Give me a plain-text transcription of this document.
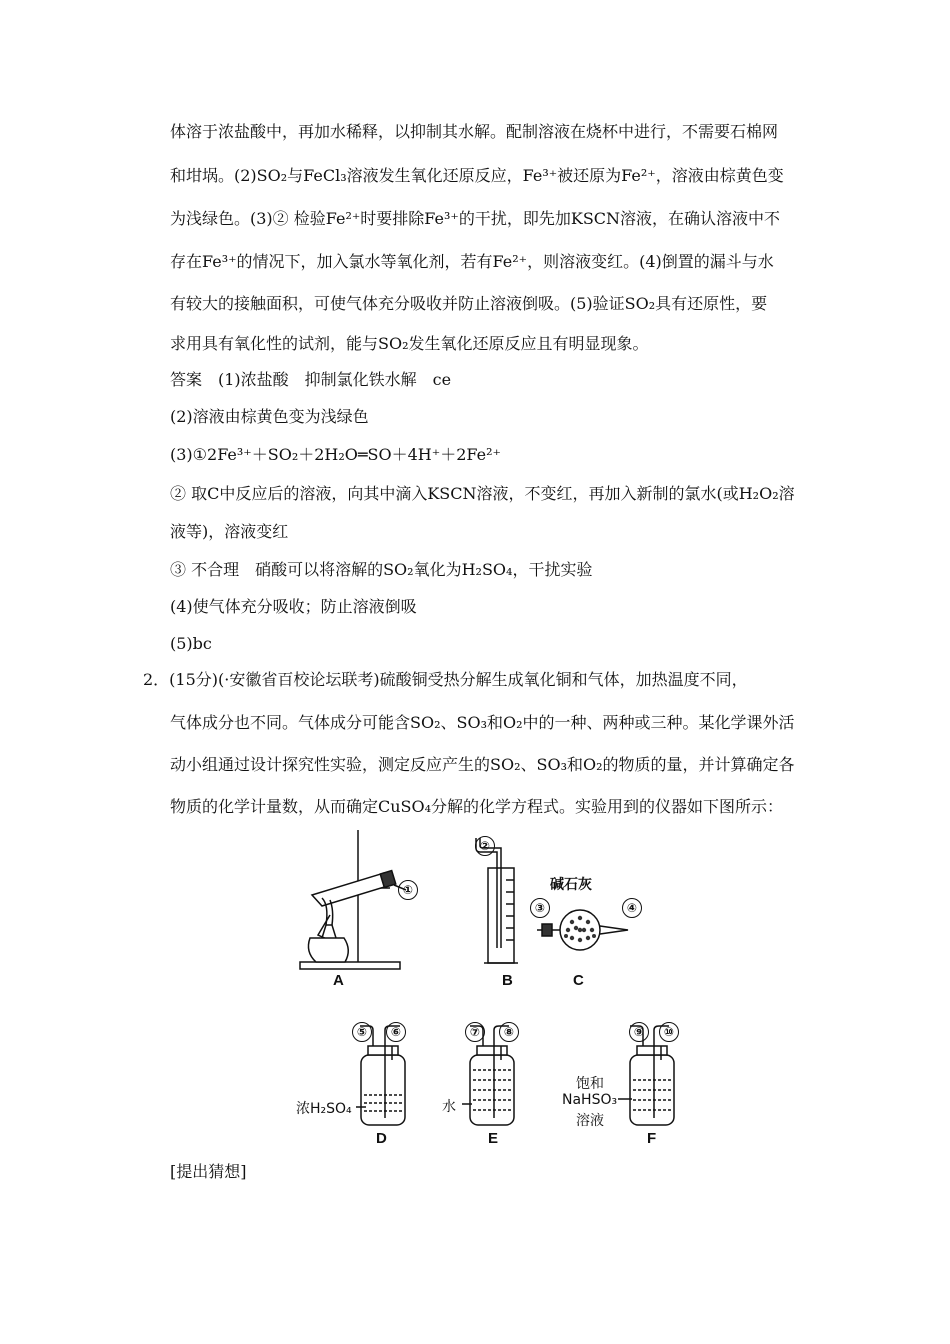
体溶于浓盐酸中，再加水稀释，以抑制其水解。配制溶液在烧杯中进行，不需要石棉网
和坩埚。(2)SO₂与FeCl₃溶液发生氧化还原反应，Fe³⁺被还原为Fe²⁺，溶液由棕黄色变
为浅绿色。(3)② 检验Fe²⁺时要排除Fe³⁺的干扰，即先加KSCN溶液，在确认溶液中不
存在Fe³⁺的情况下，加入氯水等氧化剂，若有Fe²⁺，则溶液变红。(4)倒置的漏斗与水
有较大的接触面积，可使气体充分吸收并防止溶液倒吸。(5)验证SO₂具有还原性，要
求用具有氧化性的试剂，能与SO₂发生氧化还原反应且有明显现象。
答案　(1)浓盐酸　抑制氯化铁水解　ce
(2)溶液由棕黄色变为浅绿色
(3)①2Fe³⁺＋SO₂＋2H₂O═SO＋4H⁺＋2Fe²⁺
② 取C中反应后的溶液，向其中滴入KSCN溶液，不变红，再加入新制的氯水(或H₂O₂溶
液等)，溶液变红
③ 不合理　硝酸可以将溶解的SO₂氧化为H₂SO₄，干扰实验
(4)使气体充分吸收；防止溶液倒吸
(5)bc
2．(15分)(·安徽省百校论坛联考)硫酸铜受热分解生成氧化铜和气体，加热温度不同，
气体成分也不同。气体成分可能含SO₂、SO₃和O₂中的一种、两种或三种。某化学课外活
动小组通过设计探究性实验，测定反应产生的SO₂、SO₃和O₂的物质的量，并计算确定各
物质的化学计量数，从而确定CuSO₄分解的化学方程式。实验用到的仪器如下图所示：
①
②
③	④
⑤	⑥	⑦	⑧	⑨	⑩
碱石灰
浓H₂SO₄	水
饱和
NaHSO₃
溶液
A	B	C
D	E	F
[提出猜想]
